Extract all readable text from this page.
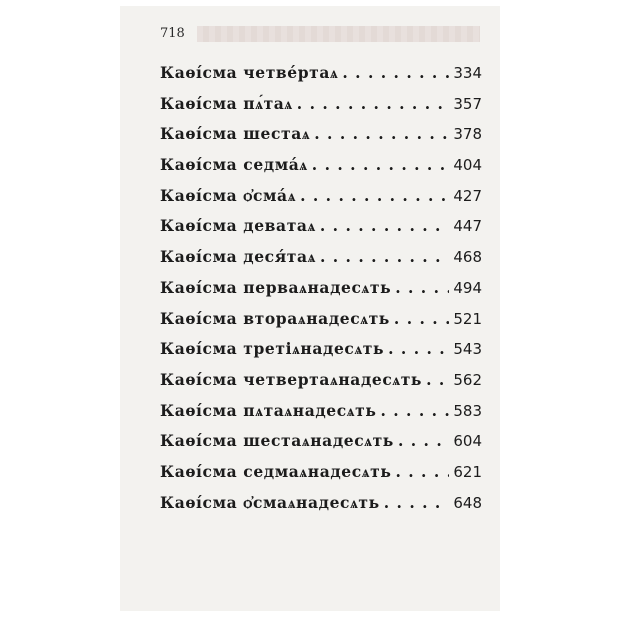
718
Каѳі́сма четве́ртаѧ . . .	334
Каѳі́сма пѧ́таѧ . . .	357
Каѳі́сма шестаѧ . . .	378
Каѳі́сма седма́ѧ . . .	404
Каѳі́сма ѻ҆сма́ѧ . . .	427
Каѳі́сма деватаѧ . . .	447
Каѳі́сма деся́таѧ . . .	468
Каѳі́сма перваѧнадесѧть . . .	494
Каѳі́сма втораѧнадесѧть . . .	521
Каѳі́сма третіѧнадесѧть . . .	543
Каѳі́сма четвертаѧнадесѧть . . . 562
Каѳі́сма пѧтаѧнадесѧть . . .	583
Каѳі́сма шестаѧнадесѧть . . .	604
Каѳі́сма седмаѧнадесѧть . . .	621
Каѳі́сма ѻ҆смаѧнадесѧть . . .	648
